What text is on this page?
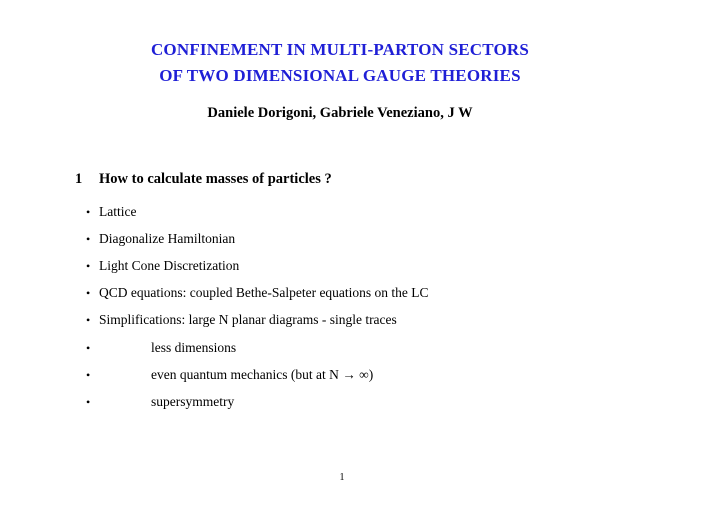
CONFINEMENT IN MULTI-PARTON SECTORS
OF TWO DIMENSIONAL GAUGE THEORIES
Daniele Dorigoni, Gabriele Veneziano, J W
1 How to calculate masses of particles ?
• Lattice
• Diagonalize Hamiltonian
• Light Cone Discretization
• QCD equations: coupled Bethe-Salpeter equations on the LC
• Simplifications: large N planar diagrams - single traces
•	less dimensions
•	even quantum mechanics (but at N → ∞)
•	supersymmetry
1
